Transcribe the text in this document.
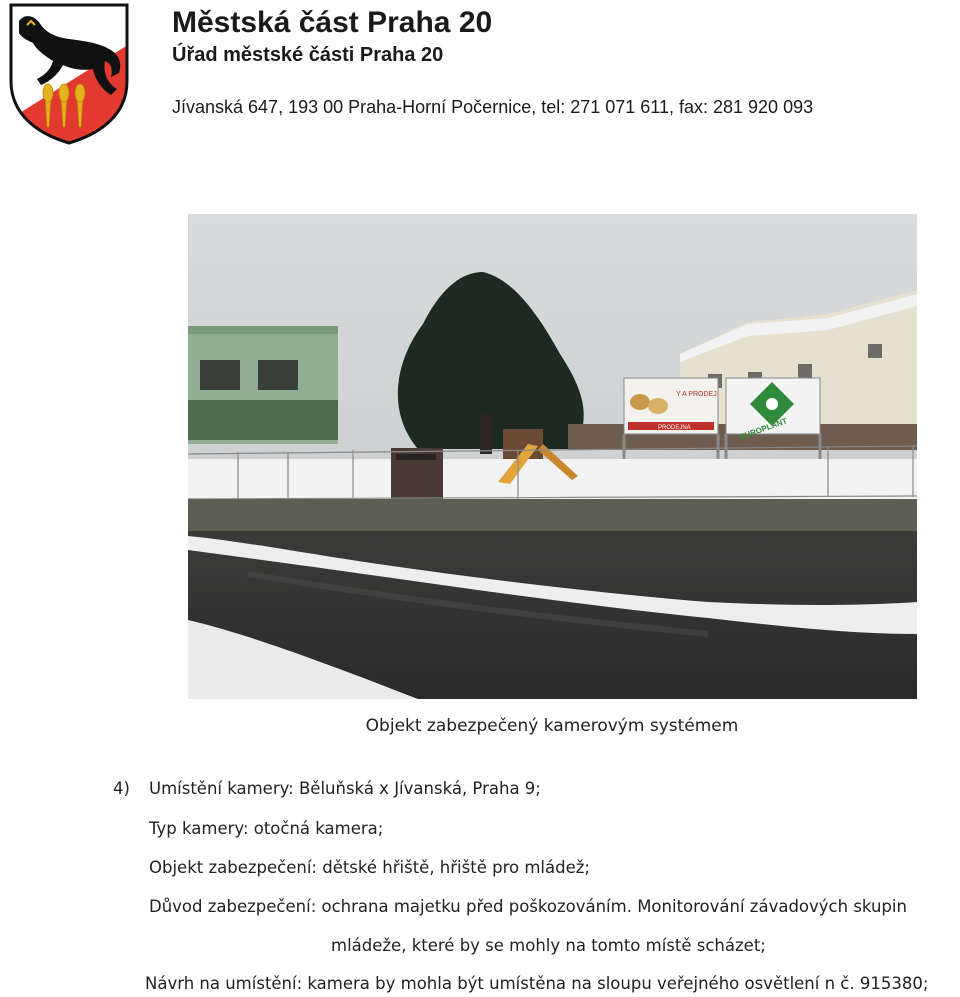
Městská část Praha 20
Úřad městské části Praha 20
Jívanská 647, 193 00 Praha-Horní Počernice, tel: 271 071 611, fax: 281 920 093
Y A PRODEJ
PRODEJNA	EUROPLANT
Objekt zabezpečený kamerovým systémem
4) Umístění kamery: Běluňská x Jívanská, Praha 9;
Typ kamery: otočná kamera;
Objekt zabezpečení: dětské hřiště, hřiště pro mládež;
Důvod zabezpečení: ochrana majetku před poškozováním. Monitorování závadových skupin
mládeže, které by se mohly na tomto místě scházet;
Návrh na umístění: kamera by mohla být umístěna na sloupu veřejného osvětlení n č. 915380;
